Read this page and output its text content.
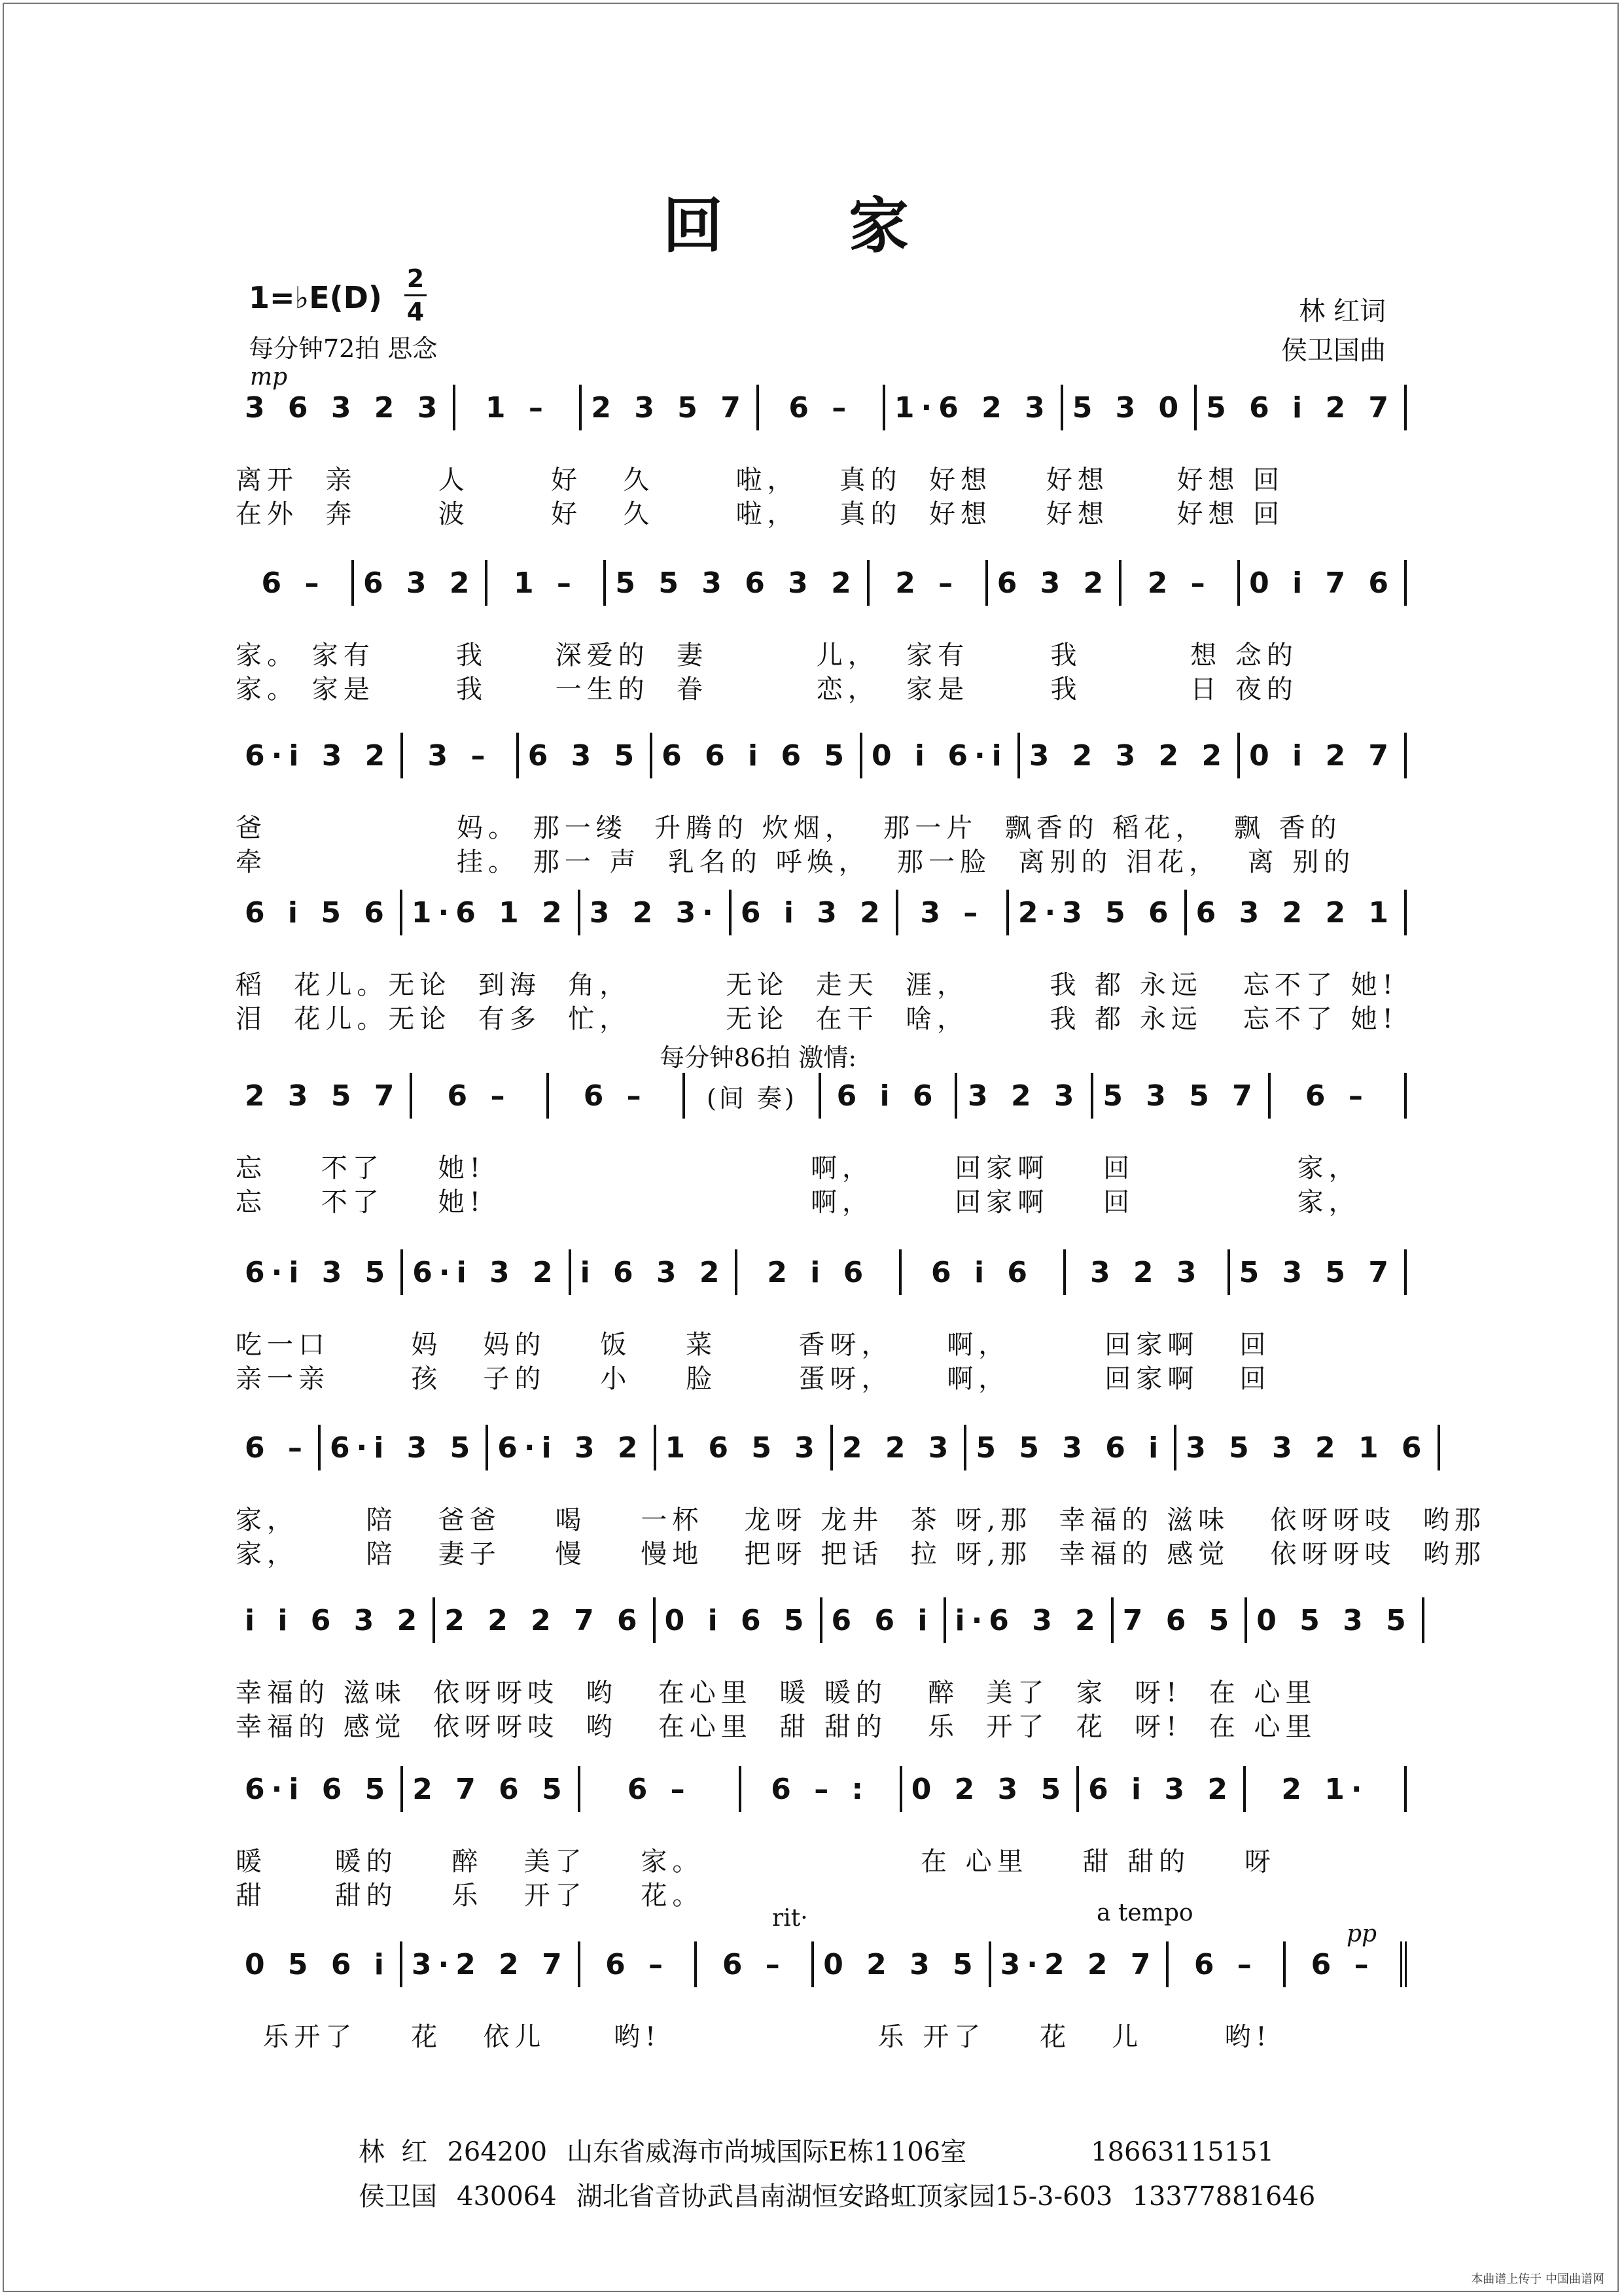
回 家
1=♭E(D)
2
4
每分钟72拍 思念
林 红词
侯卫国曲
mp
每分钟86拍 激情:
rit·	a tempo
pp
3 6 3 2 3	1 –	2 3 5 7	6 –	1·6 2 3 5 3 0 5 6 i 2 7
离开  亲      人      好   久      啦，   真的  好想    好想     好想 回
在外  奔      波      好   久      啦，   真的  好想    好想     好想 回
6 –	6 3 2	1 –	5 5 3 6 3 2	2 –	6 3 2	2 –	0 i 7 6
家。 家有      我     深爱的  妻        儿，  家有      我        想 念的
家。 家是      我     一生的  眷        恋，  家是      我        日 夜的
6·i 3 2	3 –	6 3 5 6 6 i 6 5 0 i 6·i 3 2 3 2 2 0 i 2 7
爸              妈。 那一缕  升腾的 炊烟，  那一片  飘香的 稻花，  飘 香的
牵              挂。 那一 声  乳名的 呼焕，  那一脸  离别的 泪花，  离 别的
6 i 5 6 1·6 1 2 3 2 3· 6 i 3 2	3 –	2·3 5 6 6 3 2 2 1
稻  花儿。无论  到海  角，       无论  走天  涯，      我 都 永远   忘不了 她!
泪  花儿。无论  有多  忙，       无论  在干  啥，      我 都 永远   忘不了 她!
2 3 5 7	6 –	6 –	(间 奏)	6 i 6 3 2 3 5 3 5 7	6 –
忘    不了    她!                        啊，      回家啊    回            家，
忘    不了    她!                        啊，      回家啊    回            家，
6·i 3 5 6·i 3 2 i 6 3 2	2 i 6	6 i 6	3 2 3	5 3 5 7
吃一口      妈   妈的    饭    菜      香呀，    啊，       回家啊   回
亲一亲      孩   子的    小    脸      蛋呀，    啊，       回家啊   回
6 – 6·i 3 5 6·i 3 2 1 6 5 3 2 2 3 5 5 3 6 i 3 5 3 2 1 6
家，     陪   爸爸    喝    一杯   龙呀 龙井  茶 呀,那  幸福的 滋味   依呀呀吱  哟那
家，     陪   妻子    慢    慢地   把呀 把话  拉 呀,那  幸福的 感觉   依呀呀吱  哟那
i i 6 3 2 2 2 2 7 6 0 i 6 5 6 6 i i·6 3 2 7 6 5 0 5 3 5
幸福的 滋味  依呀呀吱  哟   在心里  暖 暖的   醉  美了  家  呀!  在 心里
幸福的 感觉  依呀呀吱  哟   在心里  甜 甜的   乐  开了  花  呀!  在 心里
6·i 6 5 2 7 6 5	6 –	6 – :	0 2 3 5 6 i 3 2	2 1·
暖     暖的    醉   美了    家。                在 心里    甜 甜的    呀
甜     甜的    乐   开了    花。
0 5 6 i 3·2 2 7	6 –	6 –	0 2 3 5 3·2 2 7	6 –	6 –
乐开了    花   依儿     哟!                乐 开了    花   儿      哟!
林  红 264200 山东省威海市尚城国际E栋1106室	18663115151
侯卫国 430064 湖北省音协武昌南湖恒安路虹顶家园15-3-603 13377881646
本曲谱上传于 中国曲谱网
